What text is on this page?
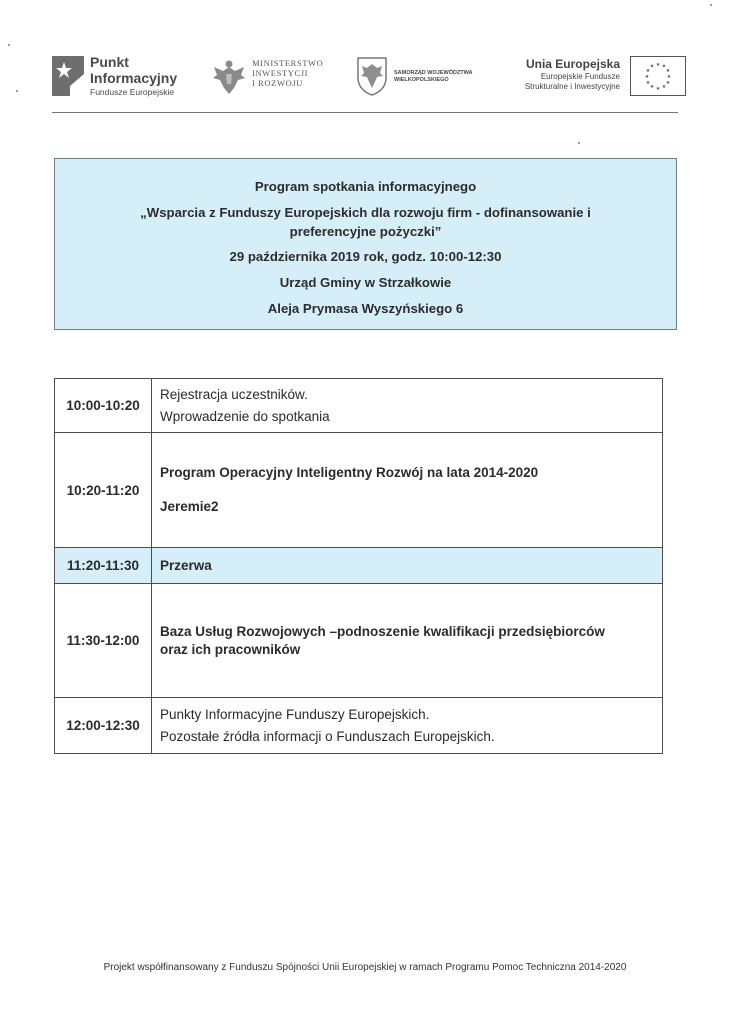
Punkt
Informacyjny
Fundusze Europejskie
MINISTERSTWO
INWESTYCJI
I ROZWOJU
SAMORZĄD WOJEWÓDZTWA
WIELKOPOLSKIEGO
Unia Europejska
Europejskie Fundusze
Strukturalne i Inwestycyjne
★ ★
★
★
★
★
★
★
★
★
★
★
Program spotkania informacyjnego
„Wsparcia z Funduszy Europejskich dla rozwoju firm - dofinansowanie i
preferencyjne pożyczki”
29 października 2019 rok, godz. 10:00-12:30
Urząd Gminy w Strzałkowie
Aleja Prymasa Wyszyńskiego 6
10:00-10:20	Rejestracja uczestników.
Wprowadzenie do spotkania

10:20-11:20	Program Operacyjny Inteligentny Rozwój na lata 2014-2020
Jeremie2

11:20-11:30	Przerwa

11:30-12:00	Baza Usług Rozwojowych –podnoszenie kwalifikacji przedsiębiorców
oraz ich pracowników

12:00-12:30	Punkty Informacyjne Funduszy Europejskich.
Pozostałe źródła informacji o Funduszach Europejskich.
Projekt współfinansowany z Funduszu Spójności Unii Europejskiej w ramach Programu Pomoc Techniczna 2014-2020
